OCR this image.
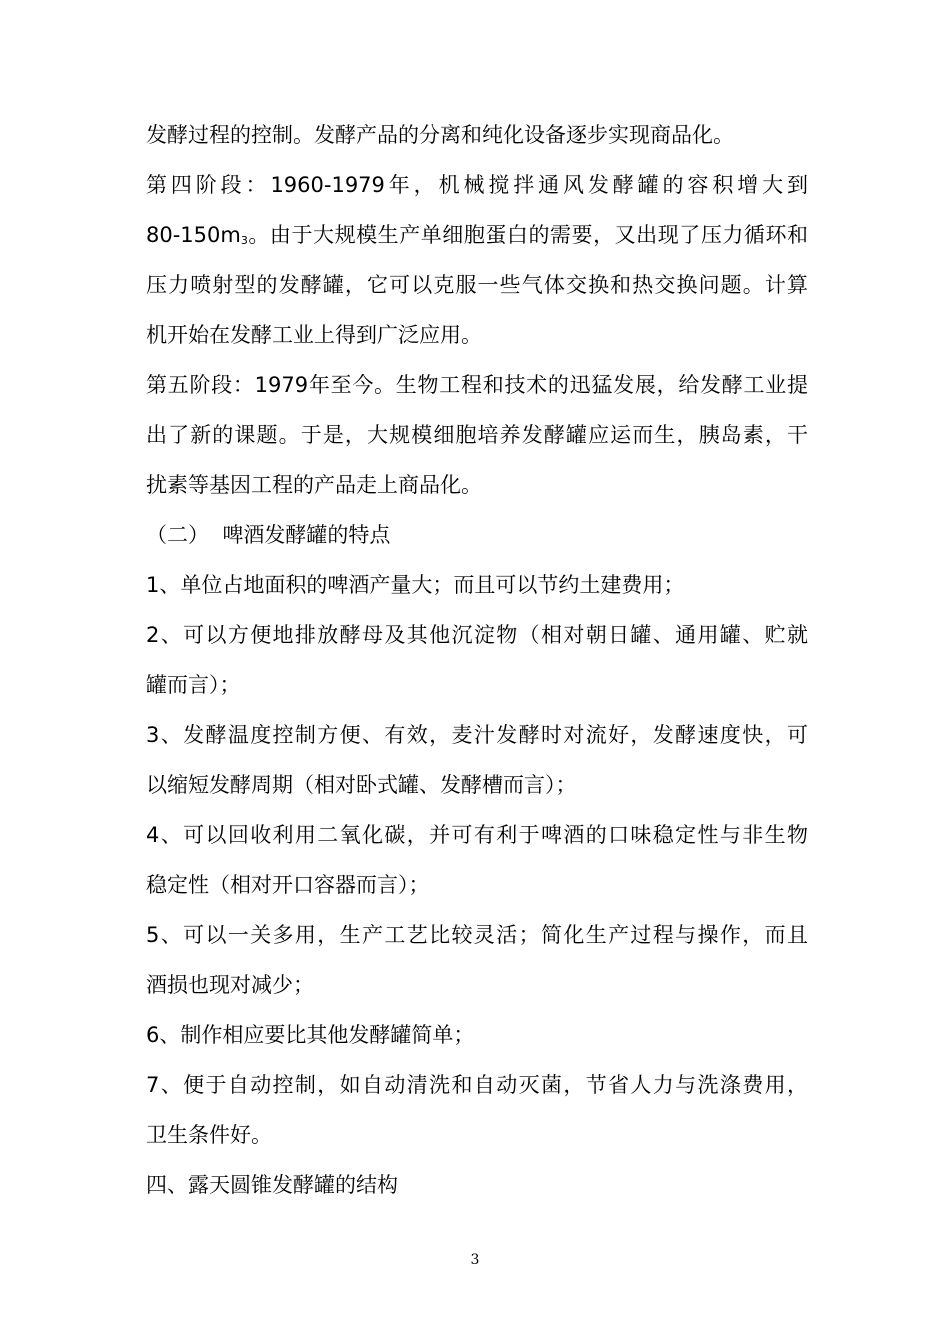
发酵过程的控制。发酵产品的分离和纯化设备逐步实现商品化。
第四阶段：1960-1979年，机械搅拌通风发酵罐的容积增大到
80-150m3。由于大规模生产单细胞蛋白的需要，又出现了压力循环和
压力喷射型的发酵罐，它可以克服一些气体交换和热交换问题。计算
机开始在发酵工业上得到广泛应用。
第五阶段：1979年至今。生物工程和技术的迅猛发展，给发酵工业提
出了新的课题。于是，大规模细胞培养发酵罐应运而生，胰岛素，干
扰素等基因工程的产品走上商品化。
（二）  啤酒发酵罐的特点
1、单位占地面积的啤酒产量大；而且可以节约土建费用；
2、可以方便地排放酵母及其他沉淀物（相对朝日罐、通用罐、贮就
罐而言）；
3、发酵温度控制方便、有效，麦汁发酵时对流好，发酵速度快，可
以缩短发酵周期（相对卧式罐、发酵槽而言）；
4、可以回收利用二氧化碳，并可有利于啤酒的口味稳定性与非生物
稳定性（相对开口容器而言）；
5、可以一关多用，生产工艺比较灵活；简化生产过程与操作，而且
酒损也现对减少；
6、制作相应要比其他发酵罐简单；
7、便于自动控制，如自动清洗和自动灭菌，节省人力与洗涤费用，
卫生条件好。
四、露天圆锥发酵罐的结构
3
